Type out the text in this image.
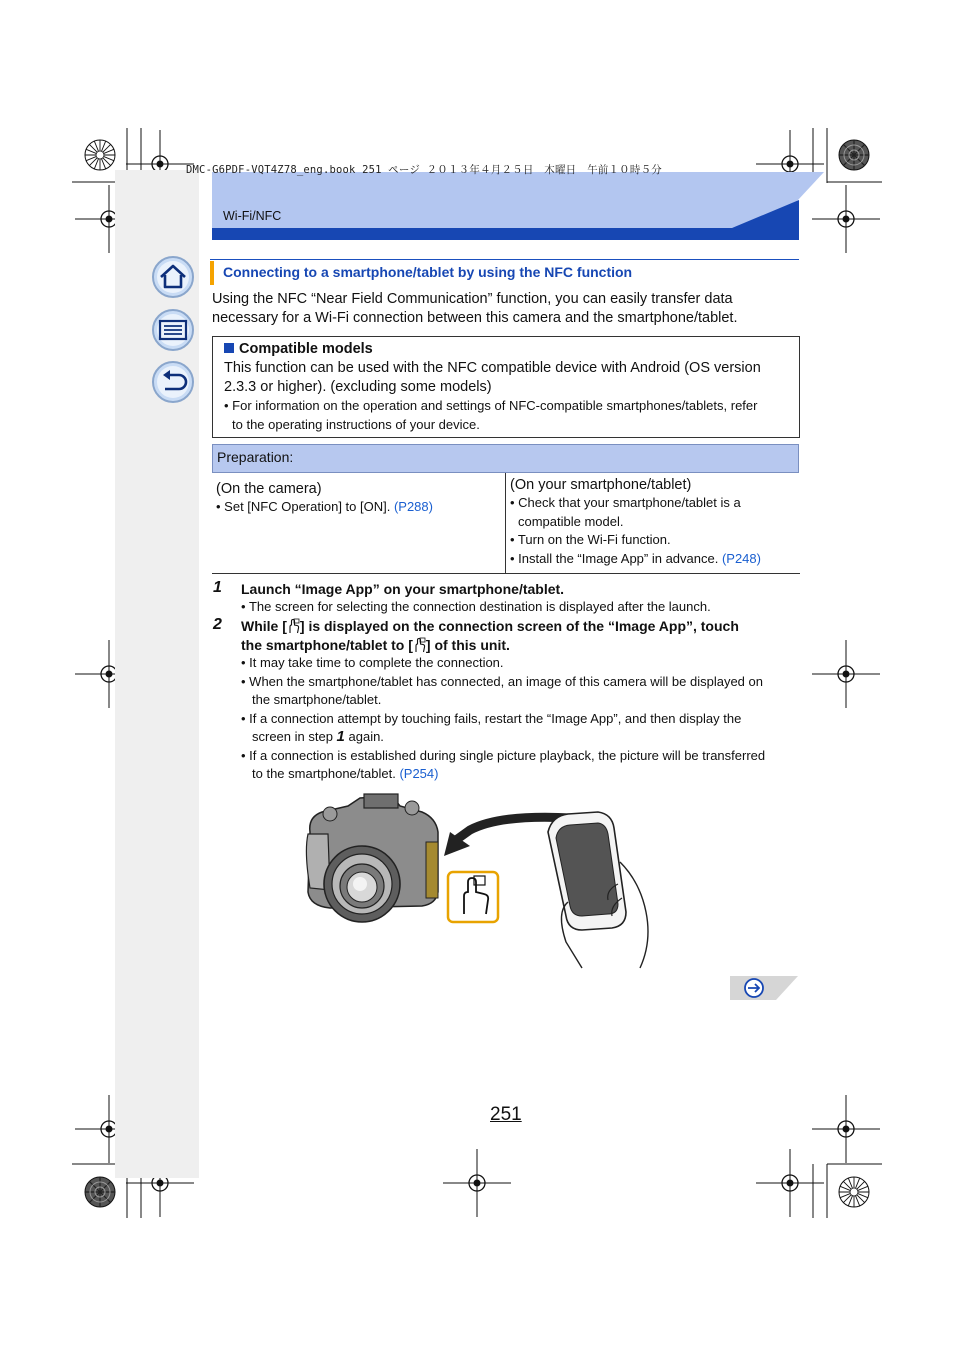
DMC-G6PDF-VQT4Z78_eng.book 251 ページ ２０１３年４月２５日　木曜日　午前１０時５分
Wi-Fi/NFC
Connecting to a smartphone/tablet by using the NFC function
Using the NFC “Near Field Communication” function, you can easily transfer data
necessary for a Wi-Fi connection between this camera and the smartphone/tablet.
Compatible models
This function can be used with the NFC compatible device with Android (OS version
2.3.3 or higher). (excluding some models)
• For information on the operation and settings of NFC-compatible smartphones/tablets, refer
to the operating instructions of your device.
Preparation:
(On the camera)
• Set [NFC Operation] to [ON]. (P288)
(On your smartphone/tablet)
• Check that your smartphone/tablet is a
compatible model.
• Turn on the Wi-Fi function.
• Install the “Image App” in advance. (P248)
1 Launch “Image App” on your smartphone/tablet.
• The screen for selecting the connection destination is displayed after the launch.
2 While [ ] is displayed on the connection screen of the “Image App”, touch
the smartphone/tablet to [ ] of this unit.
• It may take time to complete the connection.
• When the smartphone/tablet has connected, an image of this camera will be displayed on
the smartphone/tablet.
• If a connection attempt by touching fails, restart the “Image App”, and then display the
screen in step 1 again.
• If a connection is established during single picture playback, the picture will be transferred
to the smartphone/tablet. (P254)
251
